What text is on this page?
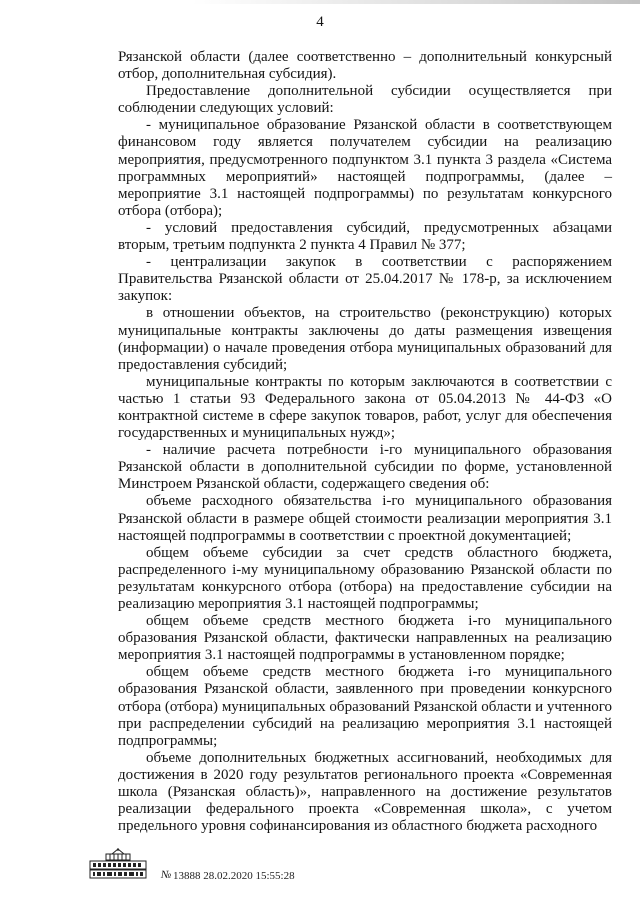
4

Рязанской области (далее соответственно – дополнительный конкурсный отбор, дополнительная субсидия).

Предоставление дополнительной субсидии осуществляется при соблюдении следующих условий:

- муниципальное образование Рязанской области в соответствующем финансовом году является получателем субсидии на реализацию мероприятия, предусмотренного подпунктом 3.1 пункта 3 раздела «Система программных мероприятий» настоящей подпрограммы, (далее – мероприятие 3.1 настоящей подпрограммы) по результатам конкурсного отбора (отбора);

- условий предоставления субсидий, предусмотренных абзацами вторым, третьим подпункта 2 пункта 4 Правил № 377;

- централизации закупок в соответствии с распоряжением Правительства Рязанской области от 25.04.2017 № 178-р, за исключением закупок:

в отношении объектов, на строительство (реконструкцию) которых муниципальные контракты заключены до даты размещения извещения (информации) о начале проведения отбора муниципальных образований для предоставления субсидий;

муниципальные контракты по которым заключаются в соответствии с частью 1 статьи 93 Федерального закона от 05.04.2013 № 44-ФЗ «О контрактной системе в сфере закупок товаров, работ, услуг для обеспечения государственных и муниципальных нужд»;

- наличие расчета потребности i-го муниципального образования Рязанской области в дополнительной субсидии по форме, установленной Минстроем Рязанской области, содержащего сведения об:

объеме расходного обязательства i-го муниципального образования Рязанской области в размере общей стоимости реализации мероприятия 3.1 настоящей подпрограммы в соответствии с проектной документацией;

общем объеме субсидии за счет средств областного бюджета, распределенного i-му муниципальному образованию Рязанской области по результатам конкурсного отбора (отбора) на предоставление субсидии на реализацию мероприятия 3.1 настоящей подпрограммы;

общем объеме средств местного бюджета i-го муниципального образования Рязанской области, фактически направленных на реализацию мероприятия 3.1 настоящей подпрограммы в установленном порядке;

общем объеме средств местного бюджета i-го муниципального образования Рязанской области, заявленного при проведении конкурсного отбора (отбора) муниципальных образований Рязанской области и учтенного при распределении субсидий на реализацию мероприятия 3.1 настоящей подпрограммы;

объеме дополнительных бюджетных ассигнований, необходимых для достижения в 2020 году результатов регионального проекта «Современная школа (Рязанская область)», направленного на достижение результатов реализации федерального проекта «Современная школа», с учетом предельного уровня софинансирования из областного бюджета расходного

№ 13888 28.02.2020 15:55:28
